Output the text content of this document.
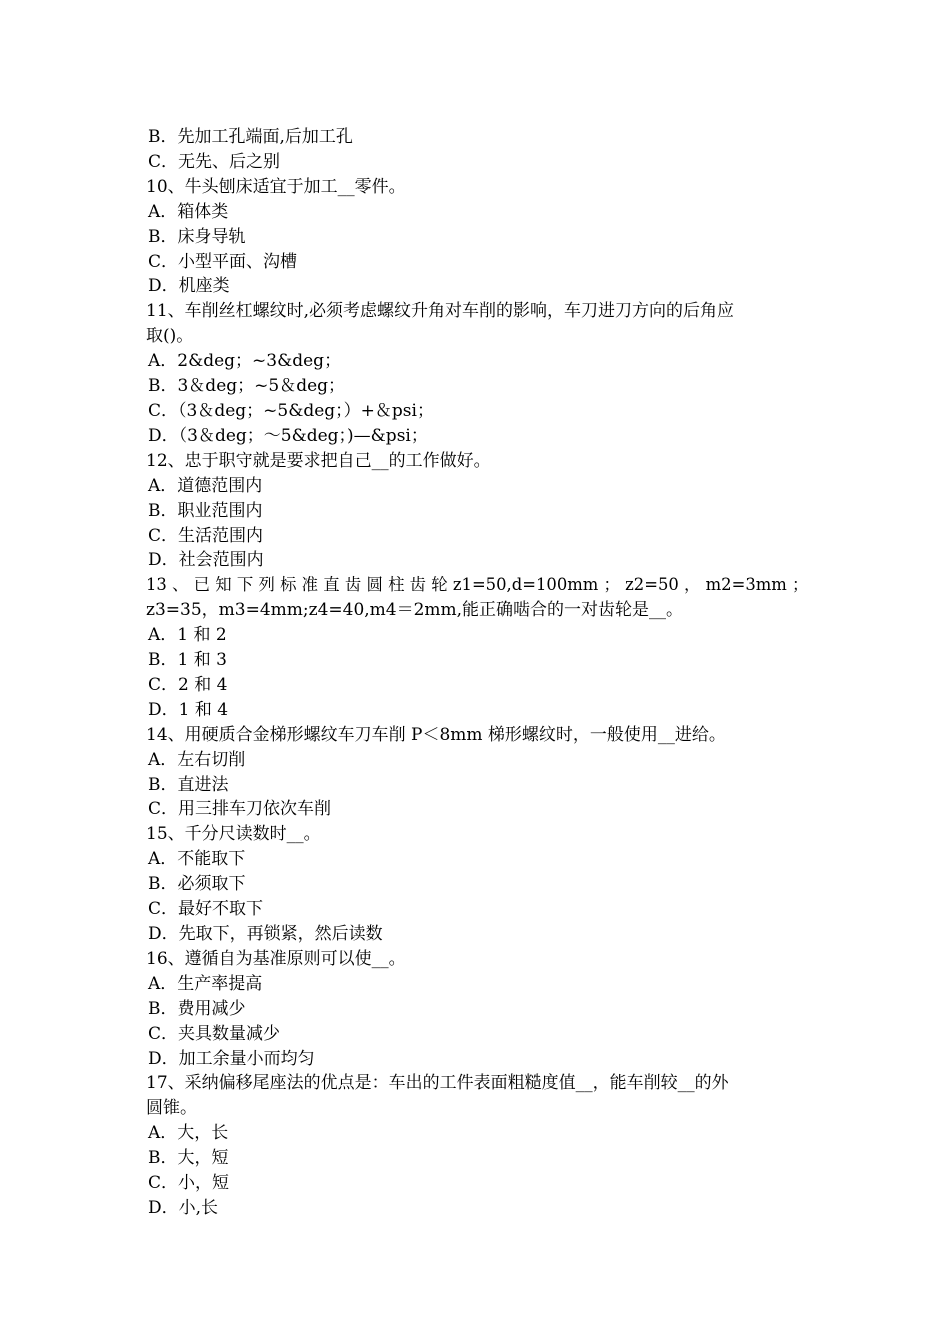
B．先加工孔端面,后加工孔
C．无先、后之别
10、牛头刨床适宜于加工__零件。
A．箱体类
B．床身导轨
C．小型平面、沟槽
D．机座类
11、车削丝杠螺纹时,必须考虑螺纹升角对车削的影响，车刀进刀方向的后角应
取()。
A．2&deg；~3&deg；
B．3＆deg；~5＆deg；
C．（3＆deg；~5&deg；）+＆psi；
D．（3＆deg；～5&deg；)—&psi；
12、忠于职守就是要求把自己__的工作做好。
A．道德范围内
B．职业范围内
C．生活范围内
D．社会范围内
13 、 已 知 下 列 标 准 直 齿 圆 柱 齿 轮 z1=50,d=100mm ； z2=50 ， m2=3mm ；
z3=35，m3=4mm;z4=40,m4＝2mm,能正确啮合的一对齿轮是__。
A．1 和 2
B．1 和 3
C．2 和 4
D．1 和 4
14、用硬质合金梯形螺纹车刀车削 P＜8mm 梯形螺纹时，一般使用__进给。
A．左右切削
B．直进法
C．用三排车刀依次车削
15、千分尺读数时__。
A．不能取下
B．必须取下
C．最好不取下
D．先取下，再锁紧，然后读数
16、遵循自为基准原则可以使__。
A．生产率提高
B．费用减少
C．夹具数量减少
D．加工余量小而均匀
17、采纳偏移尾座法的优点是：车出的工件表面粗糙度值__，能车削较__的外
圆锥。
A．大，长
B．大，短
C．小，短
D．小,长
